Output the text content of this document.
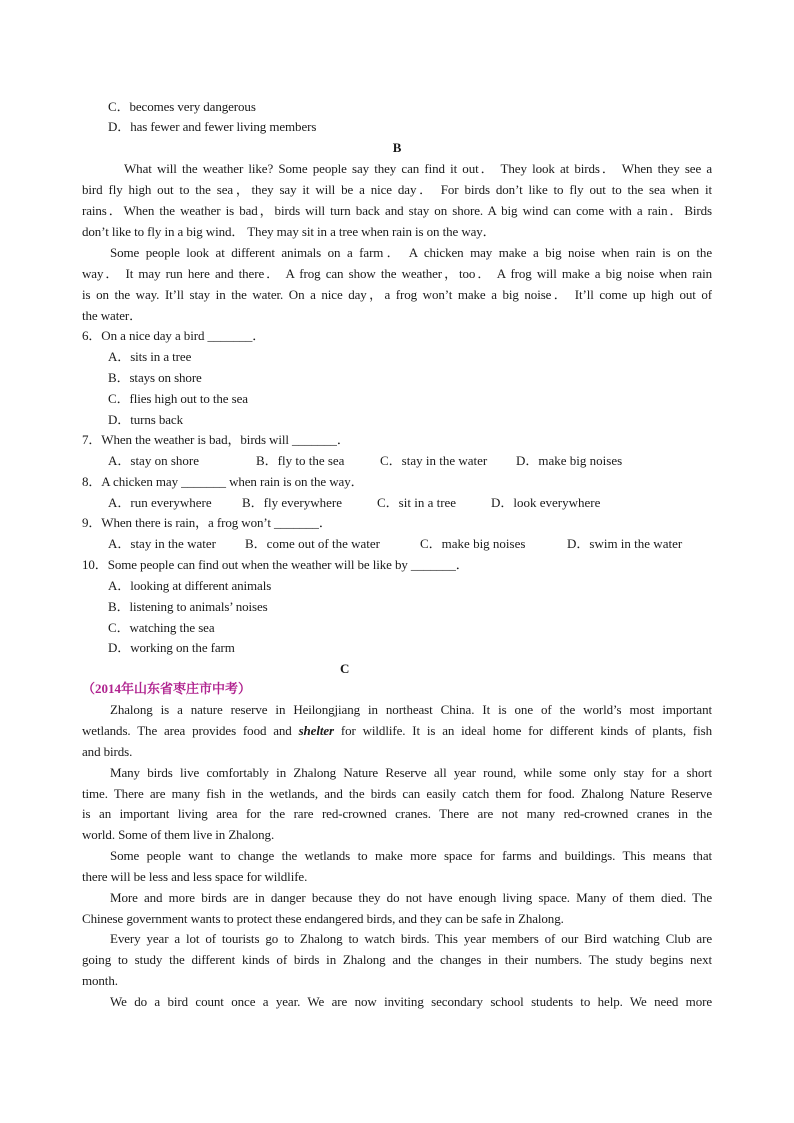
C．becomes very dangerous
D．has fewer and fewer living members
B
What will the weather like? Some people say they can find it out． They look at birds． When they see a
bird fly high out to the sea，they say it will be a nice day． For birds don’t like to fly out to the sea when it
rains．When the weather is bad，birds will turn back and stay on shore. A big wind can come with a rain．Birds
don’t like to fly in a big wind． They may sit in a tree when rain is on the way．
Some people look at different animals on a farm． A chicken may make a big noise when rain is on the
way． It may run here and there． A frog can show the weather，too． A frog will make a big noise when rain
is on the way. It’ll stay in the water. On a nice day，a frog won’t make a big noise． It’ll come up high out of
the water．
6．On a nice day a bird _______．
A．sits in a tree
B．stays on shore
C．flies high out to the sea
D．turns back
7．When the weather is bad，birds will _______．
A．stay on shore	B．fly to the sea	C．stay in the water D．make big noises
8．A chicken may _______ when rain is on the way．
A．run everywhere B．fly everywhere	C．sit in a tree	D．look everywhere
9．When there is rain，a frog won’t _______．
A．stay in the water B．come out of the water	C．make big noises	D．swim in the water
10．Some people can find out when the weather will be like by _______．
A．looking at different animals
B．listening to animals’ noises
C．watching the sea
D．working on the farm
C
（2014年山东省枣庄市中考）
Zhalong is a nature reserve in Heilongjiang in northeast China. It is one of the world’s most important
wetlands. The area provides food and shelter for wildlife. It is an ideal home for different kinds of plants, fish
and birds.
Many birds live comfortably in Zhalong Nature Reserve all year round, while some only stay for a short
time. There are many fish in the wetlands, and the birds can easily catch them for food. Zhalong Nature Reserve
is an important living area for the rare red-crowned cranes. There are not many red-crowned cranes in the
world. Some of them live in Zhalong.
Some people want to change the wetlands to make more space for farms and buildings. This means that
there will be less and less space for wildlife.
More and more birds are in danger because they do not have enough living space. Many of them died. The
Chinese government wants to protect these endangered birds, and they can be safe in Zhalong.
Every year a lot of tourists go to Zhalong to watch birds. This year members of our Bird watching Club are
going to study the different kinds of birds in Zhalong and the changes in their numbers. The study begins next
month.
We do a bird count once a year. We are now inviting secondary school students to help. We need more
